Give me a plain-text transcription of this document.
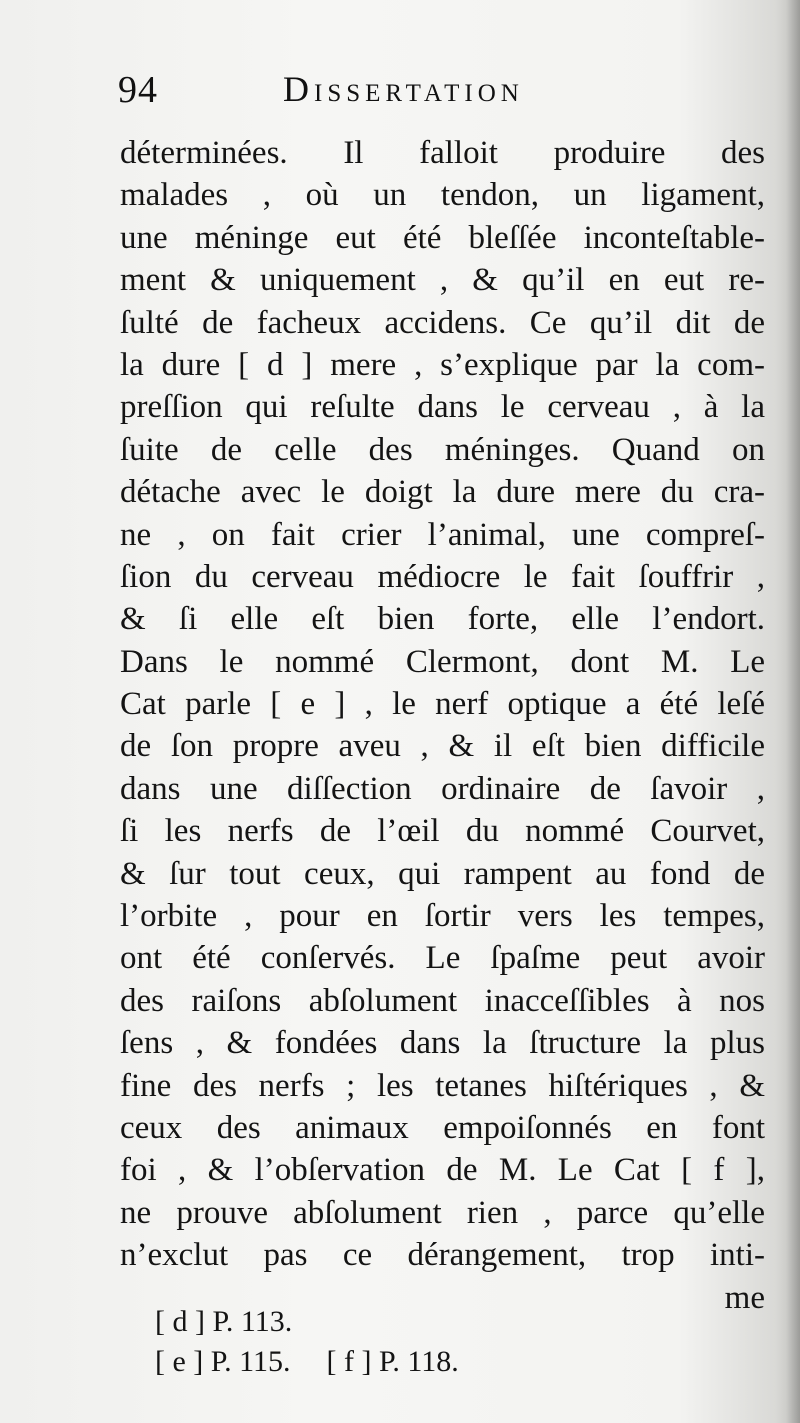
94	Dissertation
déterminées. Il falloit produire des
malades , où un tendon, un ligament,
une méninge eut été bleſſée inconteſtable-
ment & uniquement , & qu’il en eut re-
ſulté de facheux accidens. Ce qu’il dit de
la dure [ d ] mere , s’explique par la com-
preſſion qui reſulte dans le cerveau , à la
ſuite de celle des méninges. Quand on
détache avec le doigt la dure mere du cra-
ne , on fait crier l’animal, une compreſ-
ſion du cerveau médiocre le fait ſouffrir ,
& ſi elle eſt bien forte, elle l’endort.
Dans le nommé Clermont, dont M. Le
Cat parle [ e ] , le nerf optique a été leſé
de ſon propre aveu , & il eſt bien difficile
dans une diſſection ordinaire de ſavoir ,
ſi les nerfs de l’œil du nommé Courvet,
& ſur tout ceux, qui rampent au fond de
l’orbite , pour en ſortir vers les tempes,
ont été conſervés. Le ſpaſme peut avoir
des raiſons abſolument inacceſſibles à nos
ſens , & fondées dans la ſtructure la plus
fine des nerfs ; les tetanes hiſtériques , &
ceux des animaux empoiſonnés en font
foi , & l’obſervation de M. Le Cat [ f ],
ne prouve abſolument rien , parce qu’elle
n’exclut pas ce dérangement, trop inti-
me
[ d ] P. 113.
[ e ] P. 115. [ f ] P. 118.
